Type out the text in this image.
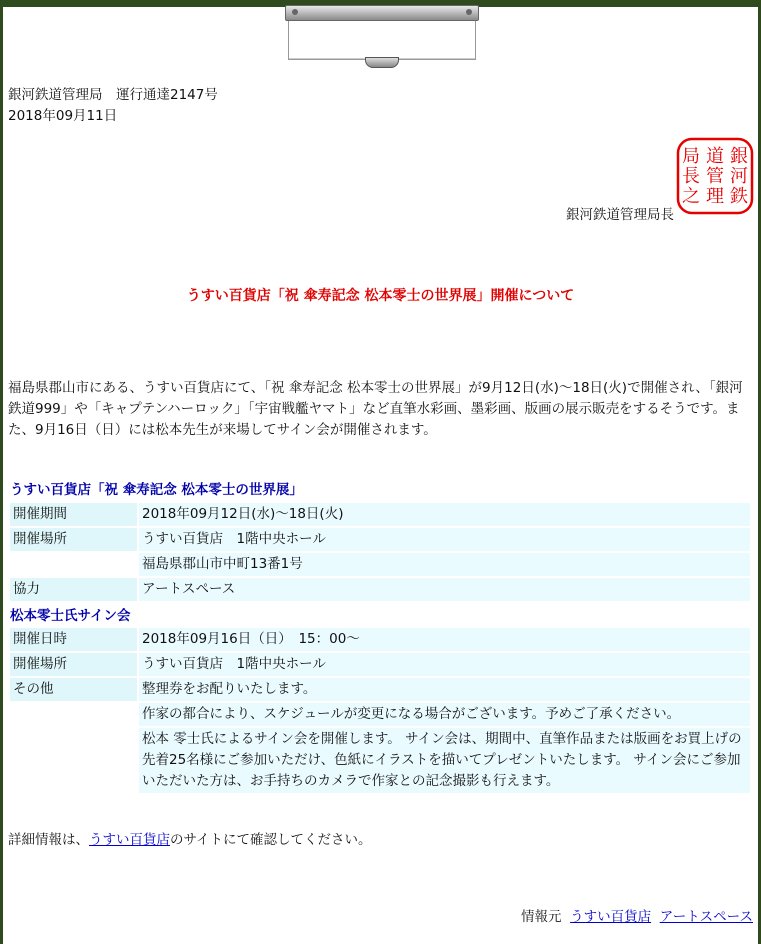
銀河鉄道管理局　運行通達2147号
2018年09月11日
銀
河
鉄
道
管
理
局
長
之
銀河鉄道管理局長
うすい百貨店「祝 傘寿記念 松本零士の世界展」開催について
福島県郡山市にある、うすい百貨店にて、「祝 傘寿記念 松本零士の世界展」が9月12日(水)～18日(火)で開催され、「銀河鉄道999」や「キャプテンハーロック」「宇宙戦艦ヤマト」など直筆水彩画、墨彩画、版画の展示販売をするそうです。また、9月16日（日）には松本先生が来場してサイン会が開催されます。
うすい百貨店「祝 傘寿記念 松本零士の世界展」
開催期間	2018年09月12日(水)～18日(火)
開催場所	うすい百貨店　1階中央ホール
	福島県郡山市中町13番1号
協力	アートスペース
松本零士氏サイン会
開催日時	2018年09月16日（日）　15：00～
開催場所	うすい百貨店　1階中央ホール
その他	整理券をお配りいたします。
	作家の都合により、スケジュールが変更になる場合がございます。予めご了承ください。
	松本 零士氏によるサイン会を開催します。 サイン会は、期間中、直筆作品または版画をお買上げの先着25名様にご参加いただけ、色紙にイラストを描いてプレゼントいたします。 サイン会にご参加いただいた方は、お手持ちのカメラで作家との記念撮影も行えます。
詳細情報は、うすい百貨店のサイトにて確認してください。
情報元 うすい百貨店 アートスペース
